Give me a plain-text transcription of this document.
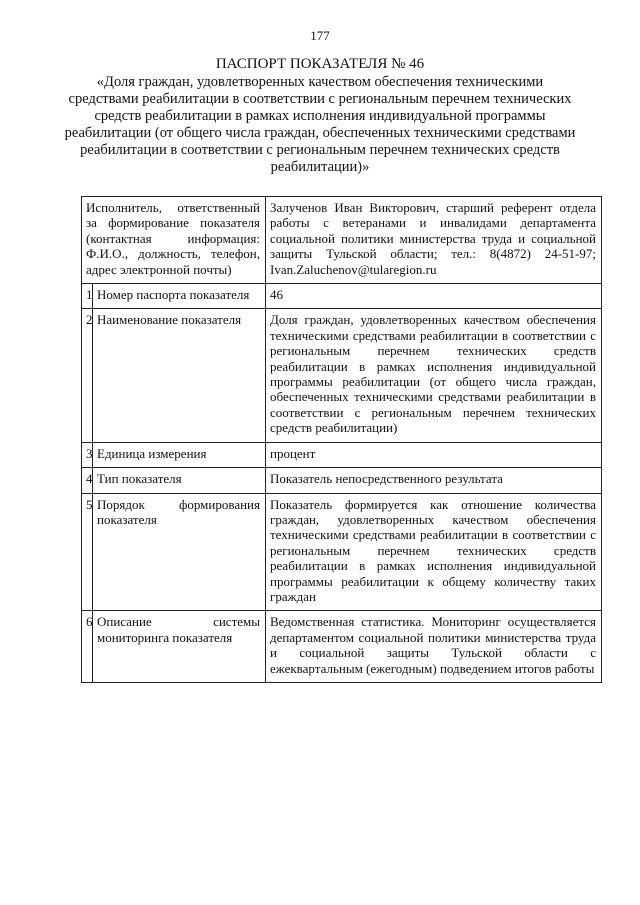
177
ПАСПОРТ ПОКАЗАТЕЛЯ № 46
«Доля граждан, удовлетворенных качеством обеспечения техническими средствами реабилитации в соответствии с региональным перечнем технических средств реабилитации в рамках исполнения индивидуальной программы реабилитации (от общего числа граждан, обеспеченных техническими средствами реабилитации в соответствии с региональным перечнем технических средств реабилитации)»
Исполнитель, ответственный за формирование показателя (контактная информация: Ф.И.О., должность, телефон, адрес электронной почты)		Залученов Иван Викторович, старший референт отдела работы с ветеранами и инвалидами департамента социальной политики министерства труда и социальной защиты Тульской области; тел.: 8(4872) 24-51-97; Ivan.Zaluchenov@tularegion.ru
1	Номер паспорта показателя	46
2	Наименование показателя	Доля граждан, удовлетворенных качеством обеспечения техническими средствами реабилитации в соответствии с региональным перечнем технических средств реабилитации в рамках исполнения индивидуальной программы реабилитации (от общего числа граждан, обеспеченных техническими средствами реабилитации в соответствии с региональным перечнем технических средств реабилитации)
3	Единица измерения	процент
4	Тип показателя	Показатель непосредственного результата
5	Порядок формирования показателя	Показатель формируется как отношение количества граждан, удовлетворенных качеством обеспечения техническими средствами реабилитации в соответствии с региональным перечнем технических средств реабилитации в рамках исполнения индивидуальной программы реабилитации к общему количеству таких граждан
6	Описание системы мониторинга показателя	Ведомственная статистика. Мониторинг осуществляется департаментом социальной политики министерства труда и социальной защиты Тульской области с ежеквартальным (ежегодным) подведением итогов работы
